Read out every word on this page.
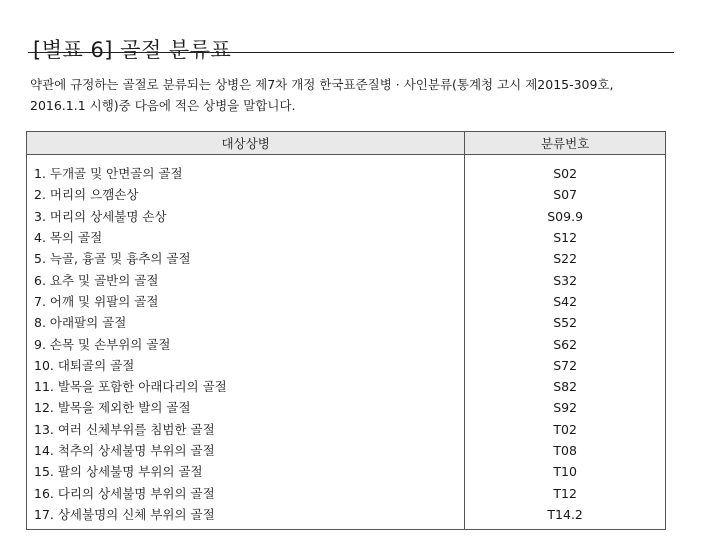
[별표 6] 골절 분류표

약관에 규정하는 골절로 분류되는 상병은 제7차 개정 한국표준질병 · 사인분류(통계청 고시 제2015-309호,
2016.1.1 시행)중 다음에 적은 상병을 말합니다.

대상상병	분류번호
1. 두개골 및 안면골의 골절	S02
2. 머리의 으깸손상	S07
3. 머리의 상세불명 손상	S09.9
4. 목의 골절	S12
5. 늑골, 흉골 및 흉추의 골절	S22
6. 요추 및 골반의 골절	S32
7. 어깨 및 위팔의 골절	S42
8. 아래팔의 골절	S52
9. 손목 및 손부위의 골절	S62
10. 대퇴골의 골절	S72
11. 발목을 포함한 아래다리의 골절	S82
12. 발목을 제외한 발의 골절	S92
13. 여러 신체부위를 침범한 골절	T02
14. 척추의 상세불명 부위의 골절	T08
15. 팔의 상세불명 부위의 골절	T10
16. 다리의 상세불명 부위의 골절	T12
17. 상세불명의 신체 부위의 골절	T14.2
